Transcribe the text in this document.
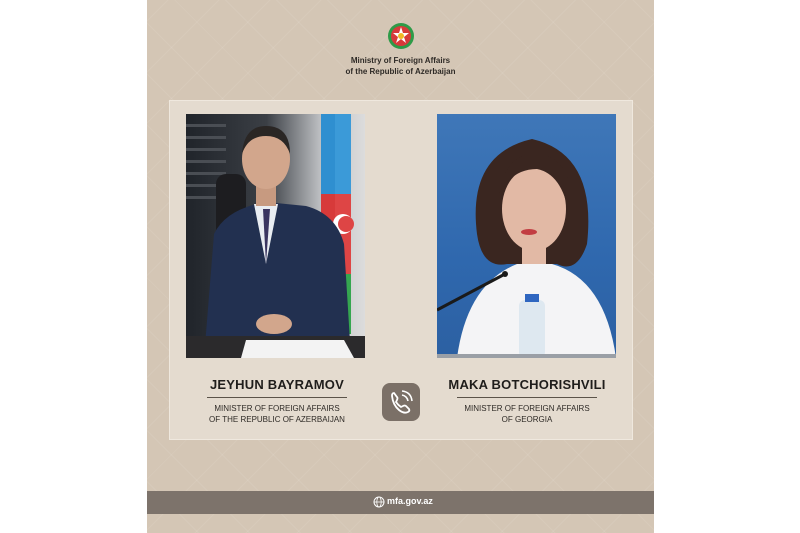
Ministry of Foreign Affairs
of the Republic of Azerbaijan
JEYHUN BAYRAMOV
MINISTER OF FOREIGN AFFAIRS
OF THE REPUBLIC OF AZERBAIJAN
MAKA BOTCHORISHVILI
MINISTER OF FOREIGN AFFAIRS
OF GEORGIA
mfa.gov.az
